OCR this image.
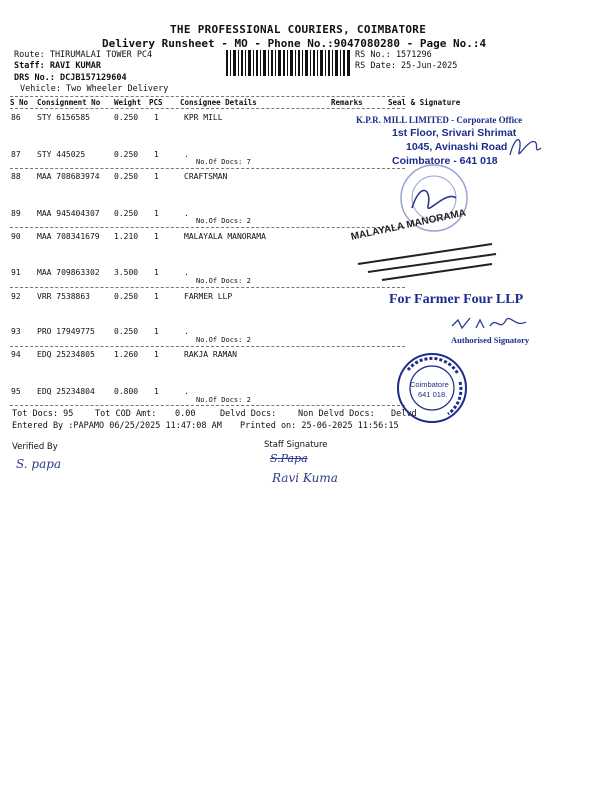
THE PROFESSIONAL COURIERS, COIMBATORE
Delivery Runsheet - MO - Phone No.:9047080280 - Page No.:4
Route: THIRUMALAI TOWER PC4
Staff: RAVI KUMAR
DRS No.: DCJB157129604
Vehicle: Two Wheeler Delivery
RS No.: 1571296
RS Date: 25-Jun-2025
S No Consignment No Weight PCS Consignee Details	Remarks	Seal & Signature
86 STY 6156585	0.250 1	KPR MILL
87 STY 445025	0.250 1	.
No.Of Docs: 7
88 MAA 708683974 0.250 1	CRAFTSMAN
89 MAA 945404307 0.250 1	.
No.Of Docs: 2
90 MAA 708341679 1.210 1	MALAYALA MANORAMA
91 MAA 709863302 3.500 1	.
No.Of Docs: 2
92 VRR 7538863	0.250 1	FARMER LLP
93 PRO 17949775 0.250 1	.
No.Of Docs: 2
94 EDQ 25234805 1.260 1	RAKJA RAMAN
95 EDQ 25234804 0.800 1	.
No.Of Docs: 2
Tot Docs: 95	Tot COD Amt: 0.00	Delvd Docs:	Non Delvd Docs: Delvd
Entered By :PAPAMO 06/25/2025 11:47:08 AM Printed on: 25-06-2025 11:56:15
Verified By	Staff Signature
S. papa	S.Papa
Ravi Kuma
K.P.R. MILL LIMITED - Corporate Office
1st Floor, Srivari Shrimat
1045, Avinashi Road
Coimbatore - 641 018
MALAYALA MANORAMA
For Farmer Four LLP
Authorised Signatory
Coimbatore
641 018.
